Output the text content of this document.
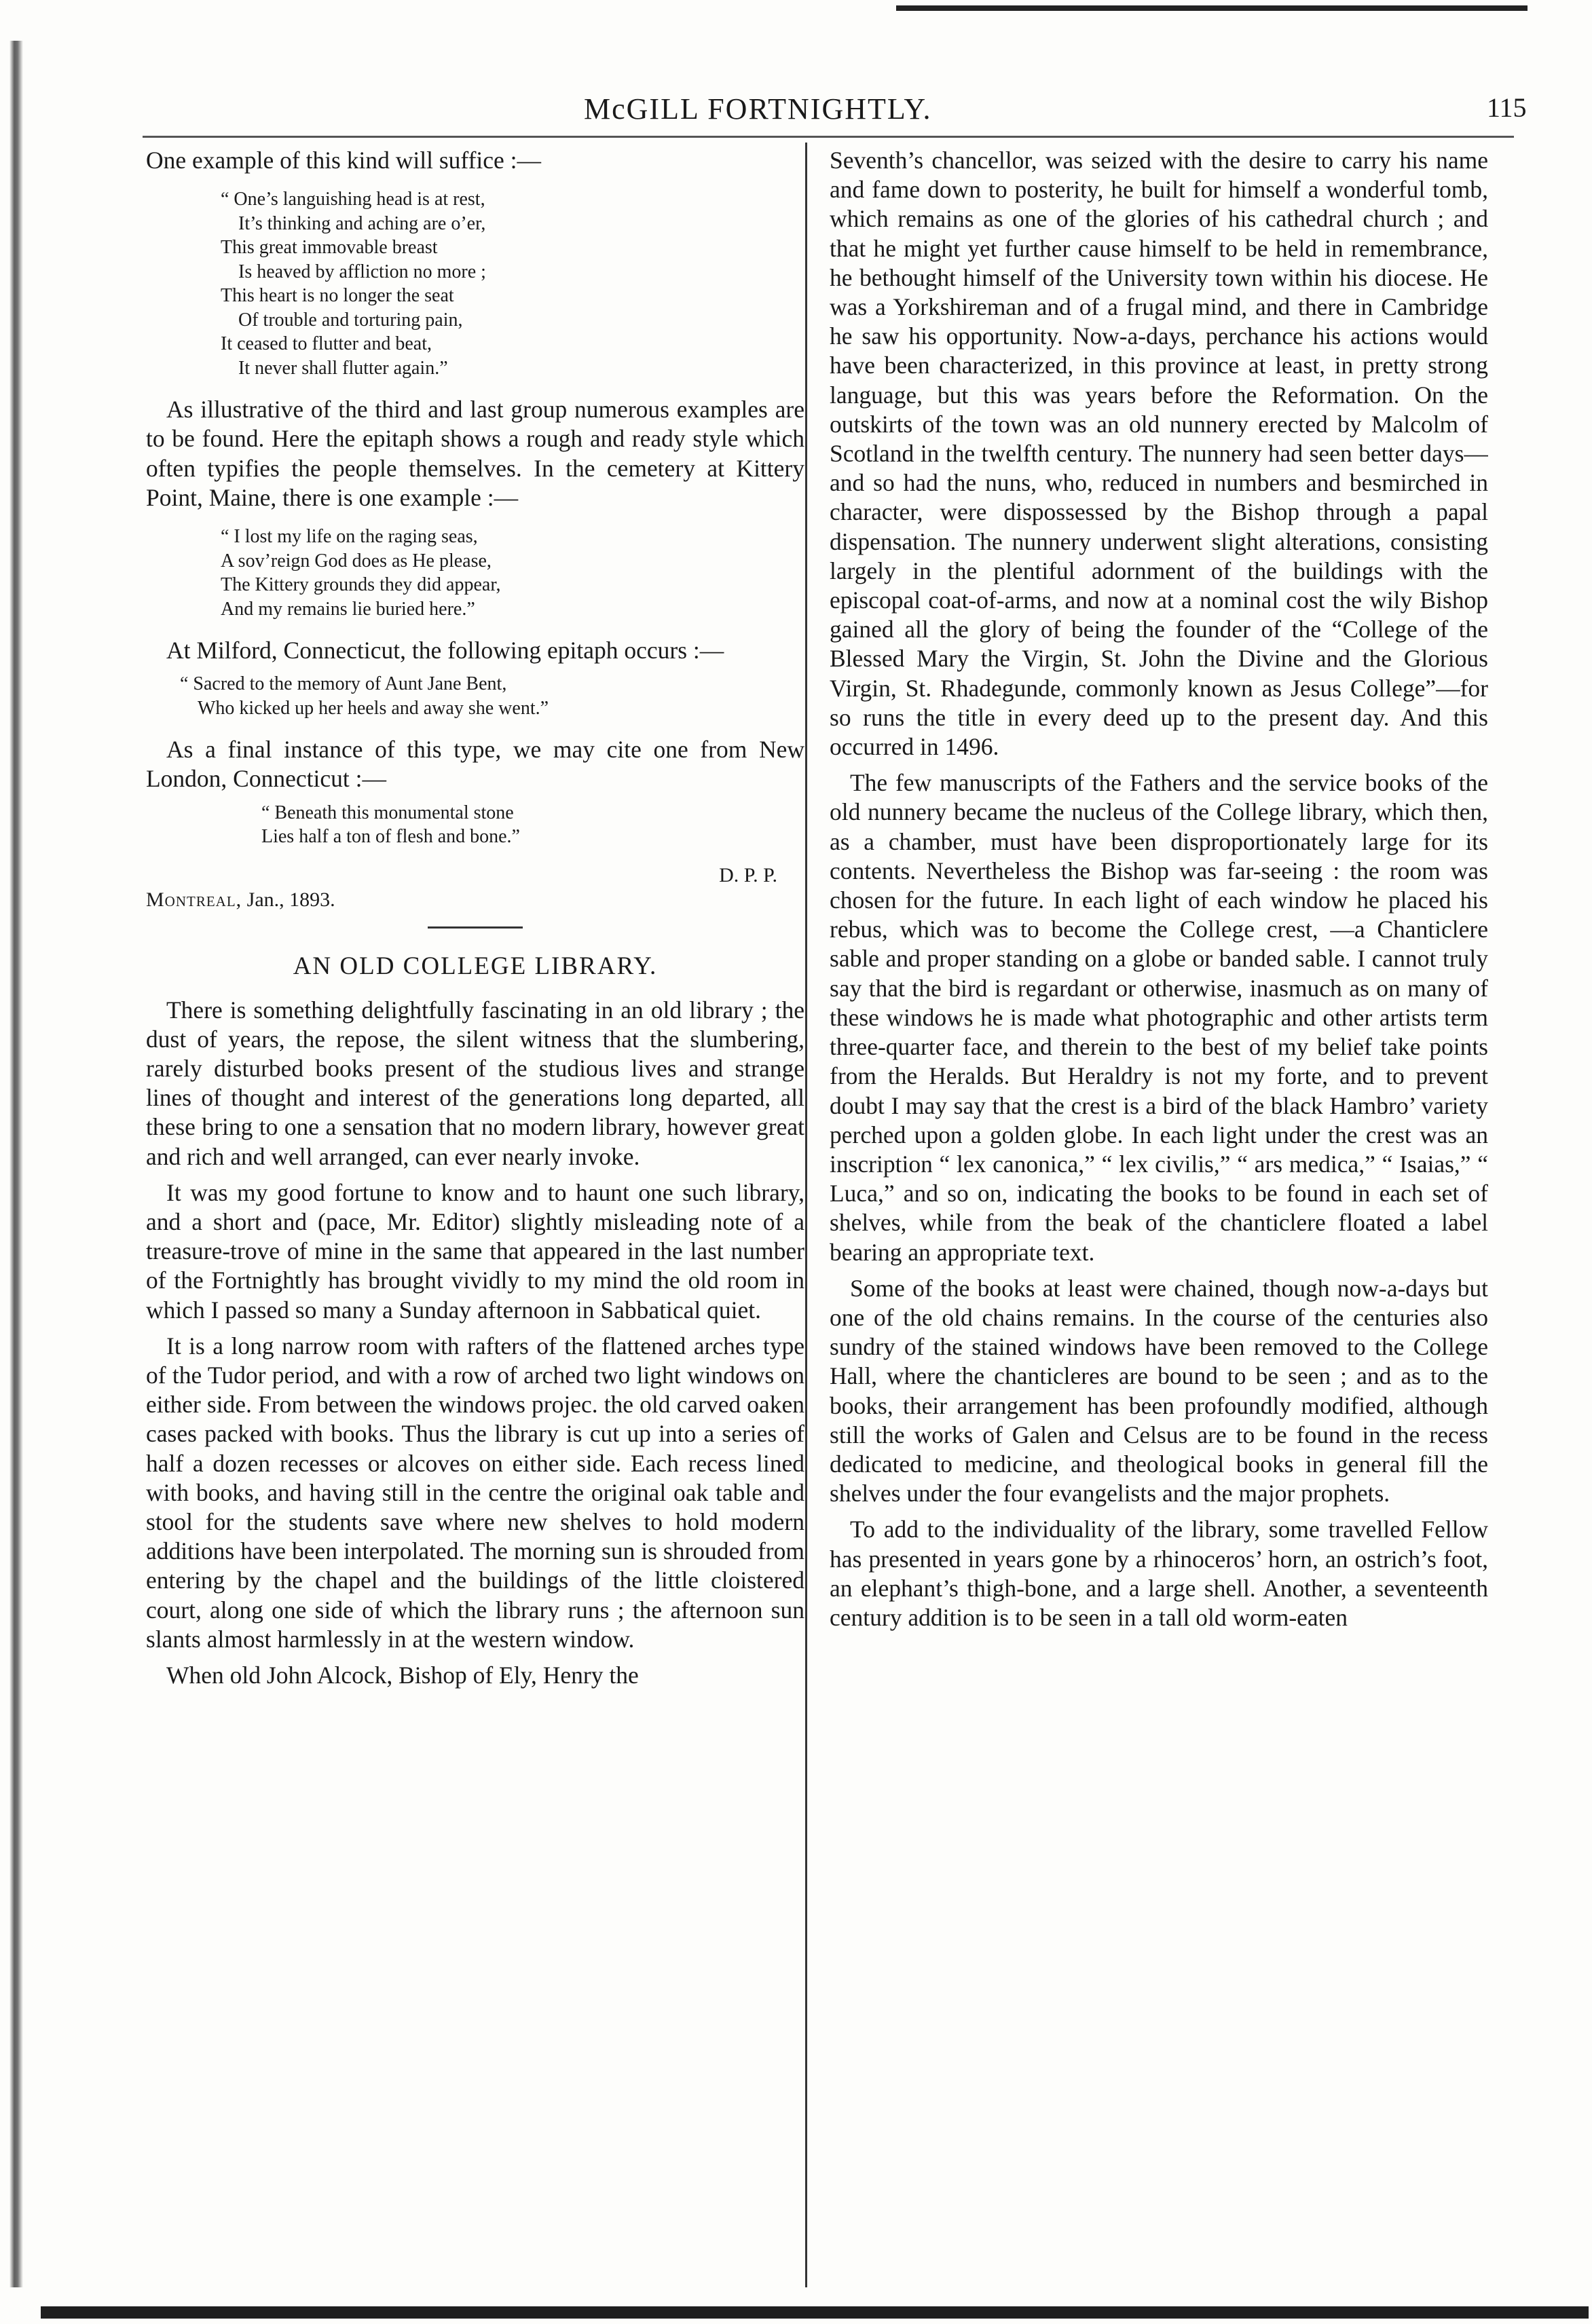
McGILL FORTNIGHTLY.	115

One example of this kind will suffice :—

“ One’s languishing head is at rest,
It’s thinking and aching are o’er,
This great immovable breast
Is heaved by affliction no more ;
This heart is no longer the seat
Of trouble and torturing pain,
It ceased to flutter and beat,
It never shall flutter again.”

As illustrative of the third and last group numerous examples are to be found. Here the epitaph shows a rough and ready style which often typifies the people themselves. In the cemetery at Kittery Point, Maine, there is one example :—

“ I lost my life on the raging seas,
A sov’reign God does as He please,
The Kittery grounds they did appear,
And my remains lie buried here.”

At Milford, Connecticut, the following epitaph occurs :—

“ Sacred to the memory of Aunt Jane Bent,
Who kicked up her heels and away she went.”

As a final instance of this type, we may cite one from New London, Connecticut :—

“ Beneath this monumental stone
Lies half a ton of flesh and bone.”
D. P. P.
Montreal, Jan., 1893.
AN OLD COLLEGE LIBRARY.

There is something delightfully fascinating in an old library ; the dust of years, the repose, the silent witness that the slumbering, rarely disturbed books present of the studious lives and strange lines of thought and interest of the generations long departed, all these bring to one a sensation that no modern library, however great and rich and well arranged, can ever nearly invoke.

It was my good fortune to know and to haunt one such library, and a short and (pace, Mr. Editor) slightly misleading note of a treasure-trove of mine in the same that appeared in the last number of the Fortnightly has brought vividly to my mind the old room in which I passed so many a Sunday afternoon in Sabbatical quiet.

It is a long narrow room with rafters of the flattened arches type of the Tudor period, and with a row of arched two light windows on either side. From between the windows projec. the old carved oaken cases packed with books. Thus the library is cut up into a series of half a dozen recesses or alcoves on either side. Each recess lined with books, and having still in the centre the original oak table and stool for the students save where new shelves to hold modern additions have been interpolated. The morning sun is shrouded from entering by the chapel and the buildings of the little cloistered court, along one side of which the library runs ; the afternoon sun slants almost harmlessly in at the western window.

When old John Alcock, Bishop of Ely, Henry the

Seventh’s chancellor, was seized with the desire to carry his name and fame down to posterity, he built for himself a wonderful tomb, which remains as one of the glories of his cathedral church ; and that he might yet further cause himself to be held in remembrance, he bethought himself of the University town within his diocese. He was a Yorkshireman and of a frugal mind, and there in Cambridge he saw his opportunity. Now-a-days, perchance his actions would have been characterized, in this province at least, in pretty strong language, but this was years before the Reformation. On the outskirts of the town was an old nunnery erected by Malcolm of Scotland in the twelfth century. The nunnery had seen better days—and so had the nuns, who, reduced in numbers and besmirched in character, were dispossessed by the Bishop through a papal dispensation. The nunnery underwent slight alterations, consisting largely in the plentiful adornment of the buildings with the episcopal coat-of-arms, and now at a nominal cost the wily Bishop gained all the glory of being the founder of the “College of the Blessed Mary the Virgin, St. John the Divine and the Glorious Virgin, St. Rhadegunde, commonly known as Jesus College”—for so runs the title in every deed up to the present day. And this occurred in 1496.

The few manuscripts of the Fathers and the service books of the old nunnery became the nucleus of the College library, which then, as a chamber, must have been disproportionately large for its contents. Nevertheless the Bishop was far-seeing : the room was chosen for the future. In each light of each window he placed his rebus, which was to become the College crest, —a Chanticlere sable and proper standing on a globe or banded sable. I cannot truly say that the bird is regardant or otherwise, inasmuch as on many of these windows he is made what photographic and other artists term three-quarter face, and therein to the best of my belief take points from the Heralds. But Heraldry is not my forte, and to prevent doubt I may say that the crest is a bird of the black Hambro’ variety perched upon a golden globe. In each light under the crest was an inscription “ lex canonica,” “ lex civilis,” “ ars medica,” “ Isaias,” “ Luca,” and so on, indicating the books to be found in each set of shelves, while from the beak of the chanticlere floated a label bearing an appropriate text.

Some of the books at least were chained, though now-a-days but one of the old chains remains. In the course of the centuries also sundry of the stained windows have been removed to the College Hall, where the chanticleres are bound to be seen ; and as to the books, their arrangement has been profoundly modified, although still the works of Galen and Celsus are to be found in the recess dedicated to medicine, and theological books in general fill the shelves under the four evangelists and the major prophets.

To add to the individuality of the library, some travelled Fellow has presented in years gone by a rhinoceros’ horn, an ostrich’s foot, an elephant’s thigh-bone, and a large shell. Another, a seventeenth century addition is to be seen in a tall old worm-eaten
